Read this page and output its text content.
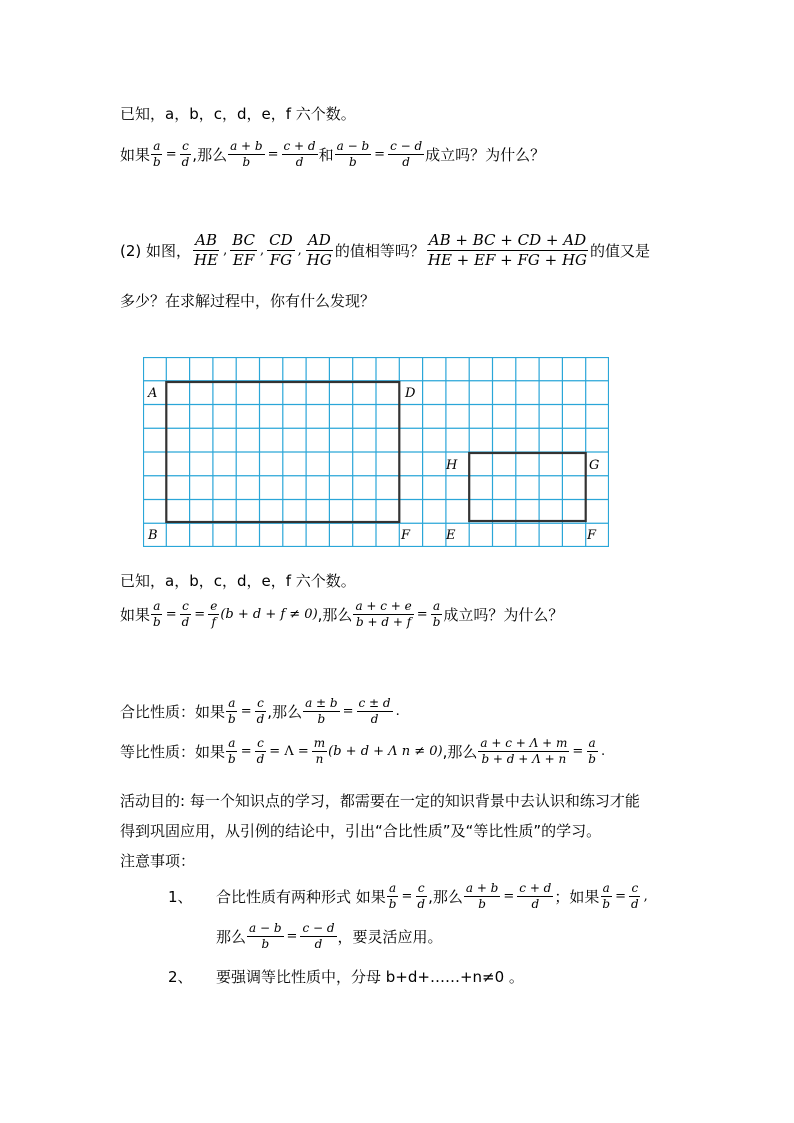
已知，a，b，c，d，e，f 六个数。
如果 $\frac{a}{b} = \frac{c}{d}$ ,那么 $\frac{a + b}{b} = \frac{c + d}{d}$ 和 $\frac{a - b}{b} = \frac{c - d}{d}$ 成立吗？为什么？
(2) 如图， $\frac{AB}{HE}$ , $\frac{BC}{EF}$ , $\frac{CD}{FG}$ , $\frac{AD}{HG}$ 的值相等吗？ $\frac{AB + BC + CD + AD}{HE + EF + FG + HG}$ 的值又是
多少？在求解过程中，你有什么发现？
A	D
B	F
H	G
E	F
已知，a，b，c，d，e，f 六个数。
如果 $\frac{a}{b} = \frac{c}{d} = \frac{e}{f} (b + d + f \ne 0)$ ,那么 $\frac{a + c + e}{b + d + f} = \frac{a}{b}$ 成立吗？为什么？
合比性质：如果 $\frac{a}{b} = \frac{c}{d}$ ,那么 $\frac{a \pm b}{b} = \frac{c \pm d}{d}$ .
等比性质：如果 $\frac{a}{b} = \frac{c}{d} = \Lambda = \frac{m}{n} (b + d + \Lambda$ n ≠ 0) ,那么 $\frac{a + c + \Lambda + m}{b + d + \Lambda + n} = \frac{a}{b}$ .
活动目的: 每一个知识点的学习，都需要在一定的知识背景中去认识和练习才能
得到巩固应用，从引例的结论中，引出“合比性质”及“等比性质”的学习。
注意事项：
1、	合比性质有两种形式 如果 $\frac{a}{b} = \frac{c}{d}$ ,那么 $\frac{a + b}{b} = \frac{c + d}{d}$ ；如果 $\frac{a}{b} = \frac{c}{d}$ ,
那么 $\frac{a - b}{b} = \frac{c - d}{d}$ ，要灵活应用。
2、	要强调等比性质中，分母 b+d+……+n≠0 。
